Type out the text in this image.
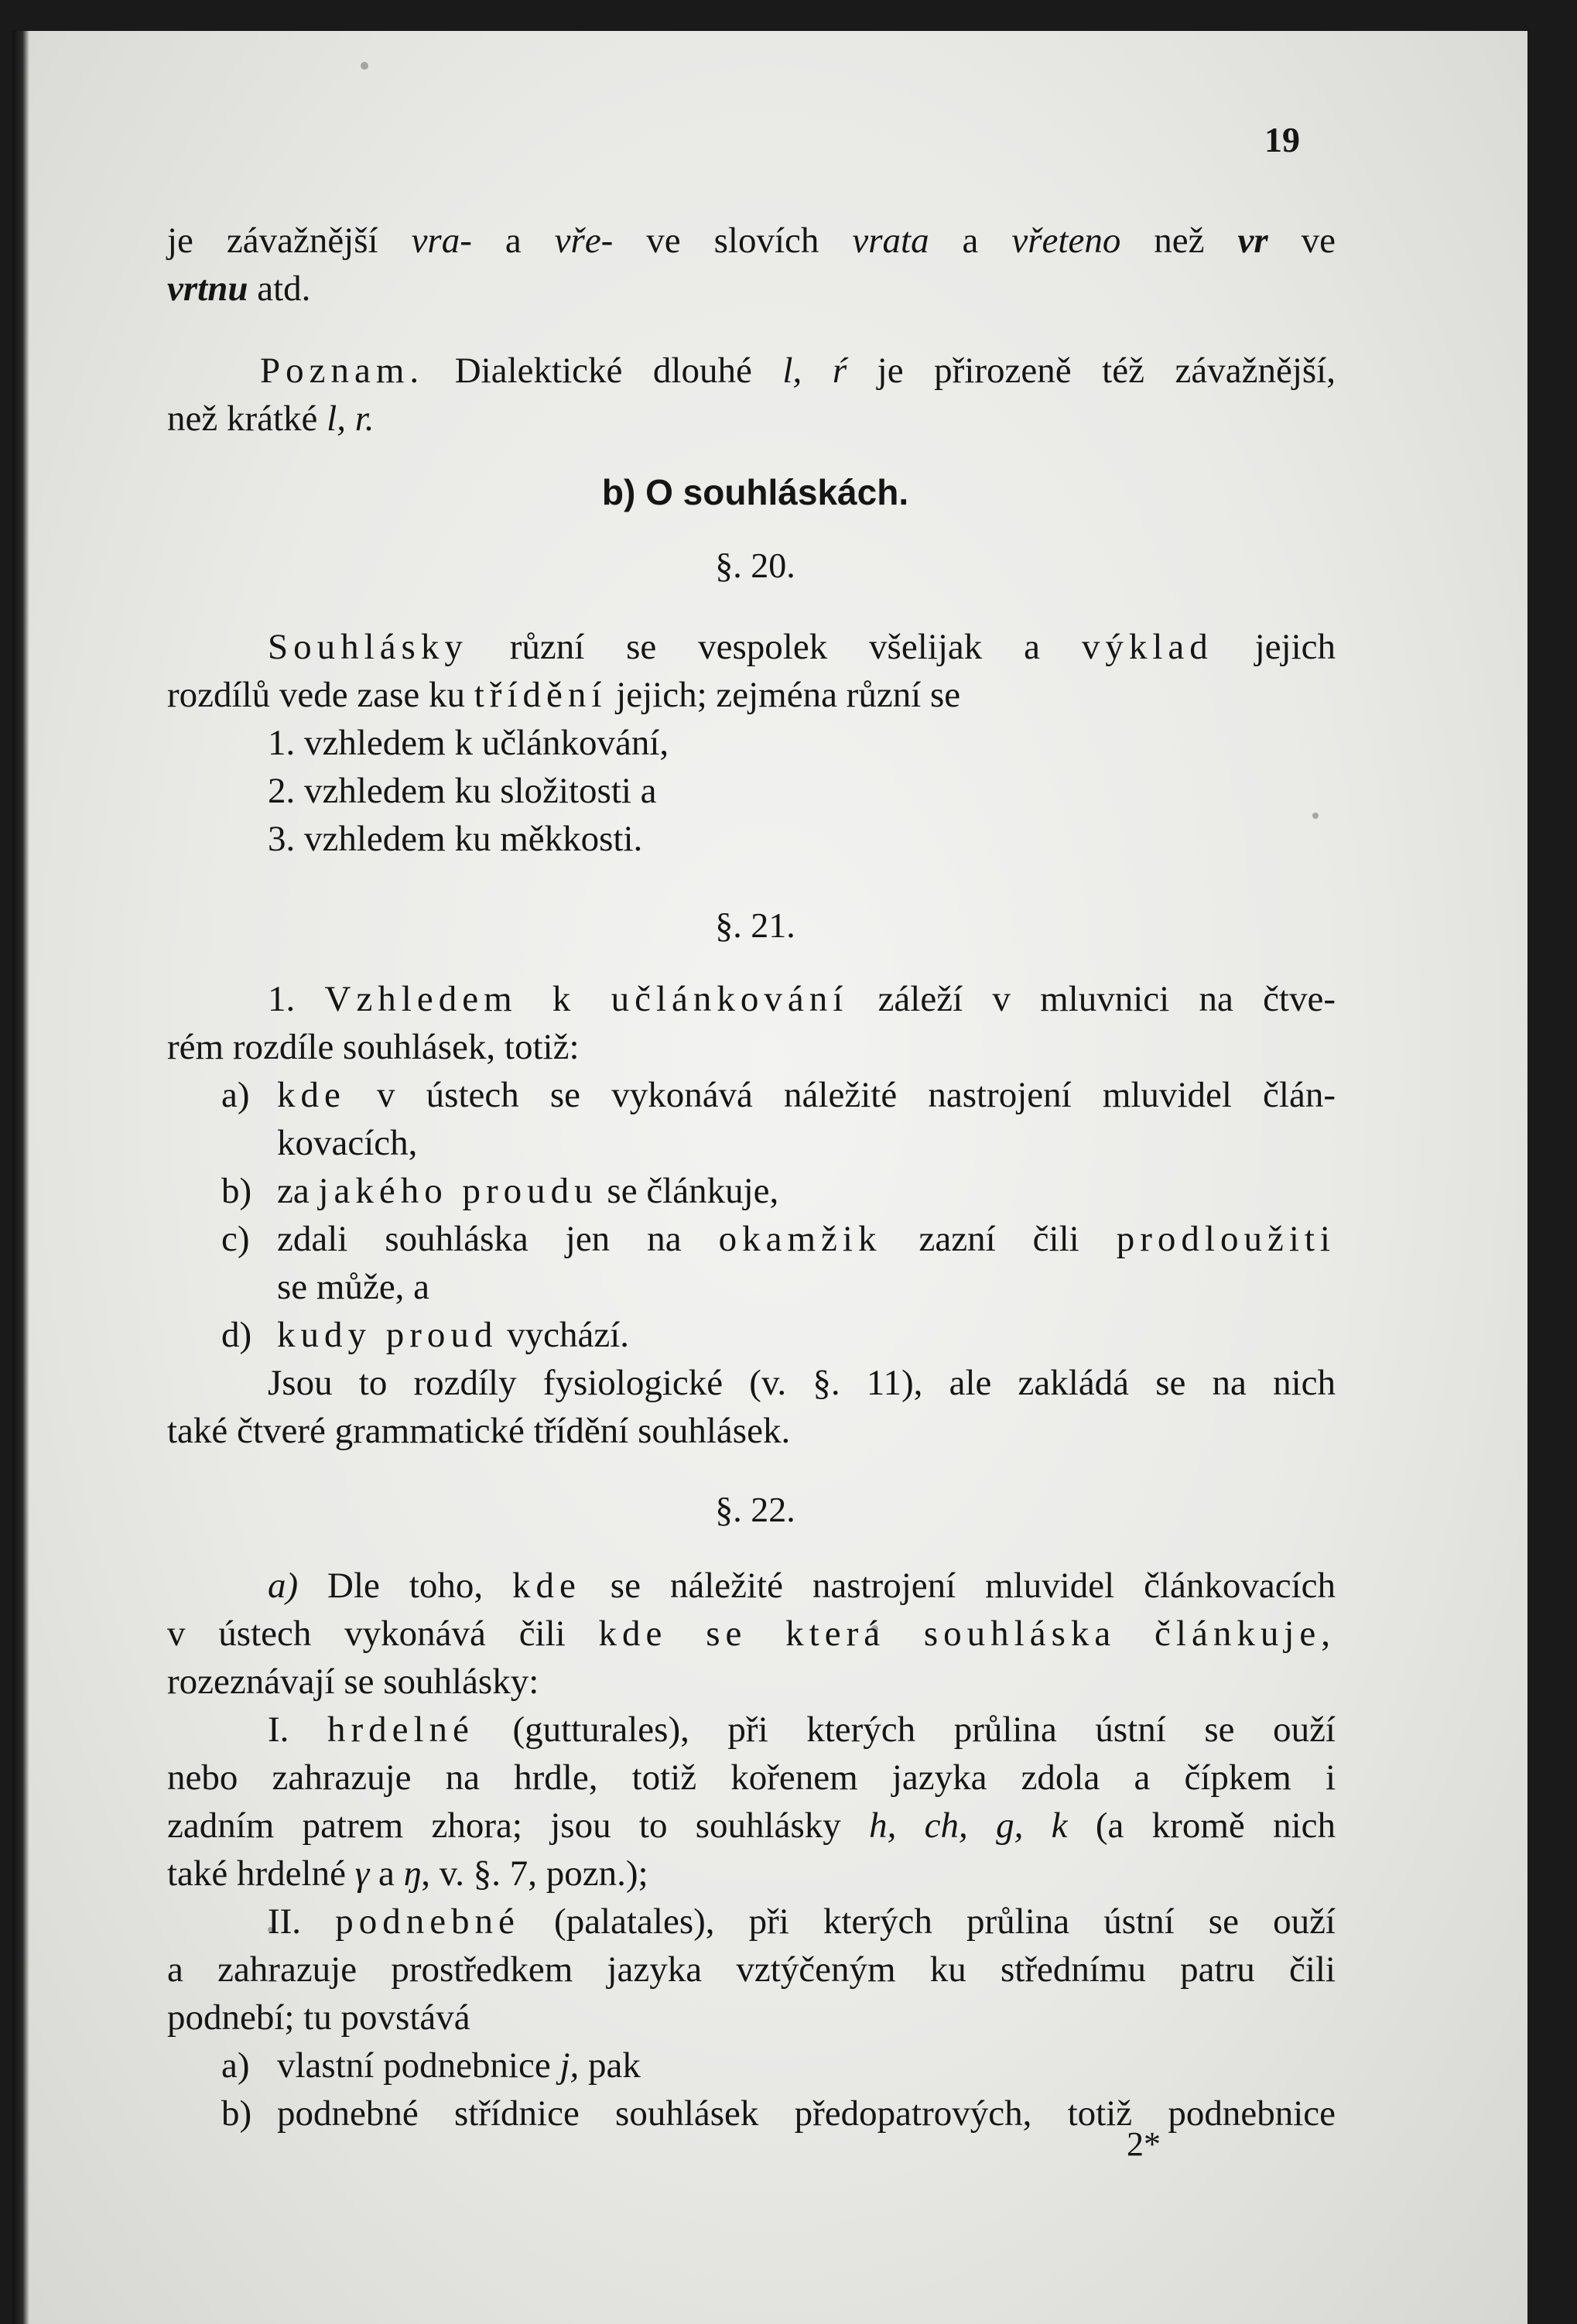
19
je závažnější vra- a vře- ve slovích vrata a vřeteno než vr ve
vrtnu atd.
Poznam. Dialektické dlouhé l, ŕ je přirozeně též závažnější,
než krátké l, r.
b) O souhláskách.
§. 20.
Souhlásky různí se vespolek všelijak a výklad jejich
rozdílů vede zase ku třídění jejich; zejména různí se
1. vzhledem k učlánkování,
2. vzhledem ku složitosti a
3. vzhledem ku měkkosti.
§. 21.
1. Vzhledem k učlánkování záleží v mluvnici na čtve-
rém rozdíle souhlásek, totiž:
a) kde v ústech se vykonává náležité nastrojení mluvidel člán-
kovacích,
b) za jakého proudu se článkuje,
c) zdali souhláska jen na okamžik zazní čili prodloužiti
se může, a
d) kudy proud vychází.
Jsou to rozdíly fysiologické (v. §. 11), ale zakládá se na nich
také čtveré grammatické třídění souhlásek.
§. 22.
a) Dle toho, kde se náležité nastrojení mluvidel článkovacích
v ústech vykonává čili kde se která souhláska článkuje,
rozeznávají se souhlásky:
I. hrdelné (gutturales), při kterých průlina ústní se ouží
nebo zahrazuje na hrdle, totiž kořenem jazyka zdola a čípkem i
zadním patrem zhora; jsou to souhlásky h, ch, g, k (a kromě nich
také hrdelné γ a ŋ, v. §. 7, pozn.);
II. podnebné (palatales), při kterých průlina ústní se ouží
a zahrazuje prostředkem jazyka vztýčeným ku střednímu patru čili
podnebí; tu povstává
a) vlastní podnebnice j, pak
b) podnebné střídnice souhlásek předopatrových, totiž podnebnice
2*
